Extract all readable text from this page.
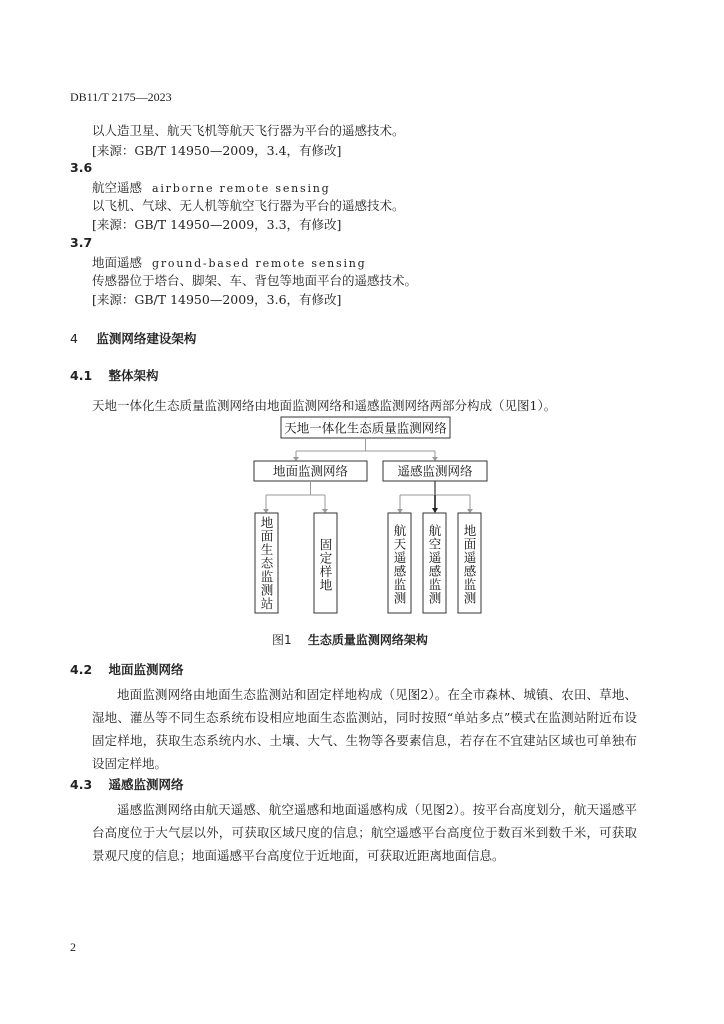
DB11/T 2175—2023
以人造卫星、航天飞机等航天飞行器为平台的遥感技术。
[来源：GB/T 14950—2009，3.4，有修改]
3.6
航空遥感 airborne remote sensing
以飞机、气球、无人机等航空飞行器为平台的遥感技术。
[来源：GB/T 14950—2009，3.3，有修改]
3.7
地面遥感 ground-based remote sensing
传感器位于塔台、脚架、车、背包等地面平台的遥感技术。
[来源：GB/T 14950—2009，3.6，有修改]
4 监测网络建设架构
4.1 整体架构
天地一体化生态质量监测网络由地面监测网络和遥感监测网络两部分构成（见图1）。
天地一体化生态质量监测网络
地面监测网络	遥感监测网络
地面生态监测站	固定样地	航天遥感监测 航空遥感监测 地面遥感监测
图1 生态质量监测网络架构
4.2 地面监测网络
地面监测网络由地面生态监测站和固定样地构成（见图2）。在全市森林、城镇、农田、草地、湿地、灌丛等不同生态系统布设相应地面生态监测站，同时按照“单站多点”模式在监测站附近布设固定样地，获取生态系统内水、土壤、大气、生物等各要素信息，若存在不宜建站区域也可单独布设固定样地。
4.3 遥感监测网络
遥感监测网络由航天遥感、航空遥感和地面遥感构成（见图2）。按平台高度划分，航天遥感平台高度位于大气层以外，可获取区域尺度的信息；航空遥感平台高度位于数百米到数千米，可获取景观尺度的信息；地面遥感平台高度位于近地面，可获取近距离地面信息。
2
